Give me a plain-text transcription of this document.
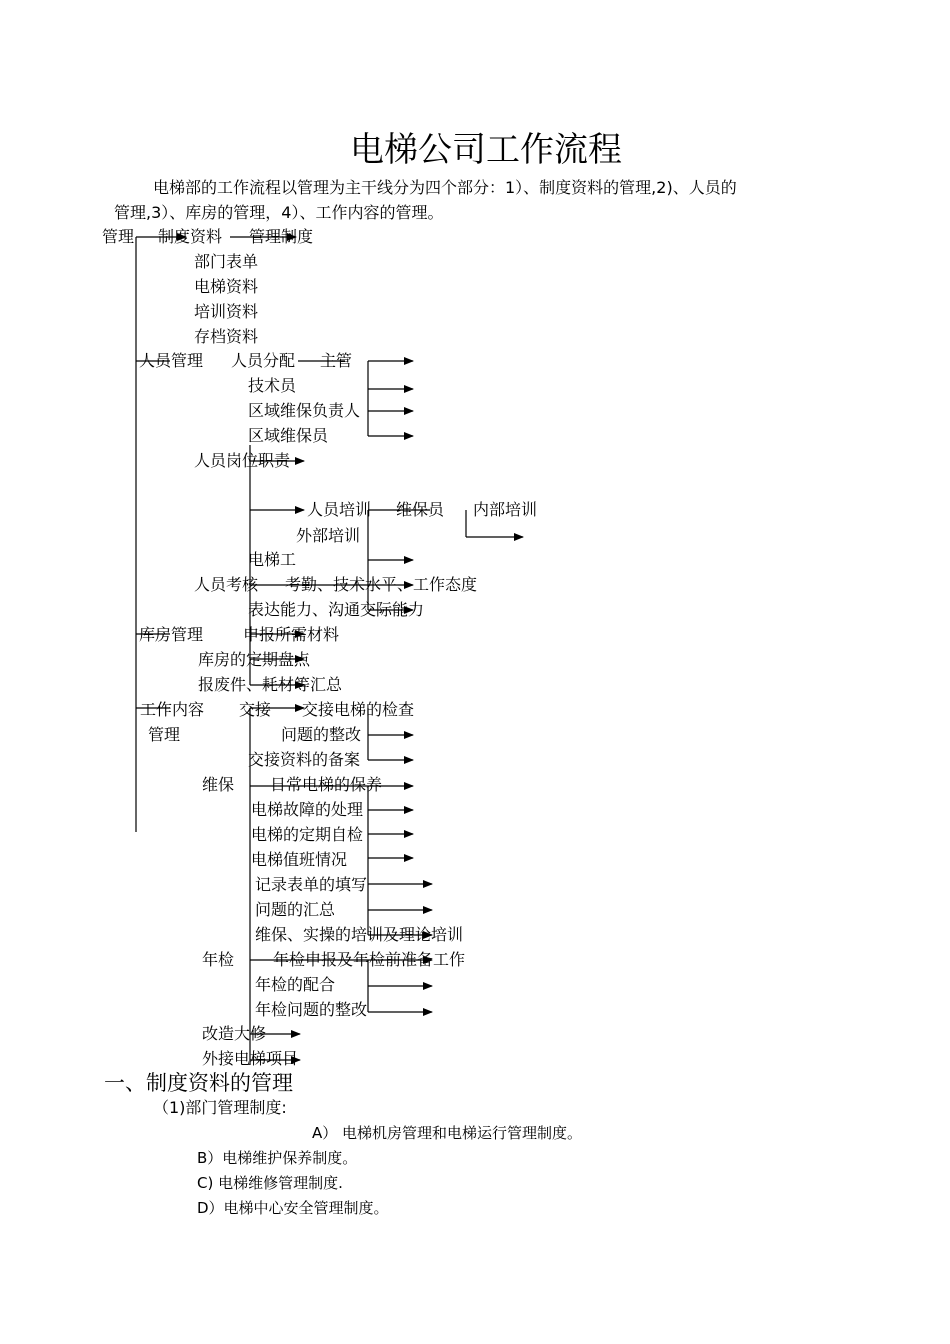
电梯公司工作流程
电梯部的工作流程以管理为主干线分为四个部分：1）、制度资料的管理,2)、人员的
管理,3）、库房的管理，4）、工作内容的管理。
管理 制度资料 管理制度
部门表单
电梯资料
培训资料
存档资料
人员管理 人员分配 主管
技术员
区域维保负责人
区域维保员
人员岗位职责
人员培训 维保员 内部培训
外部培训
电梯工
人员考核 考勤、技术水平、工作态度
表达能力、沟通交际能力
库房管理 申报所需材料
库房的定期盘点
报废件、耗材等汇总
工作内容
管理
交接 交接电梯的检查
问题的整改
交接资料的备案
维保 日常电梯的保养
电梯故障的处理
电梯的定期自检
电梯值班情况
记录表单的填写
问题的汇总
维保、实操的培训及理论培训
年检 年检申报及年检前准备工作
年检的配合
年检问题的整改
改造大修
外接电梯项目
一、制度资料的管理
（1)部门管理制度:
A） 电梯机房管理和电梯运行管理制度。
B）电梯维护保养制度。
C) 电梯维修管理制度.
D）电梯中心安全管理制度。
